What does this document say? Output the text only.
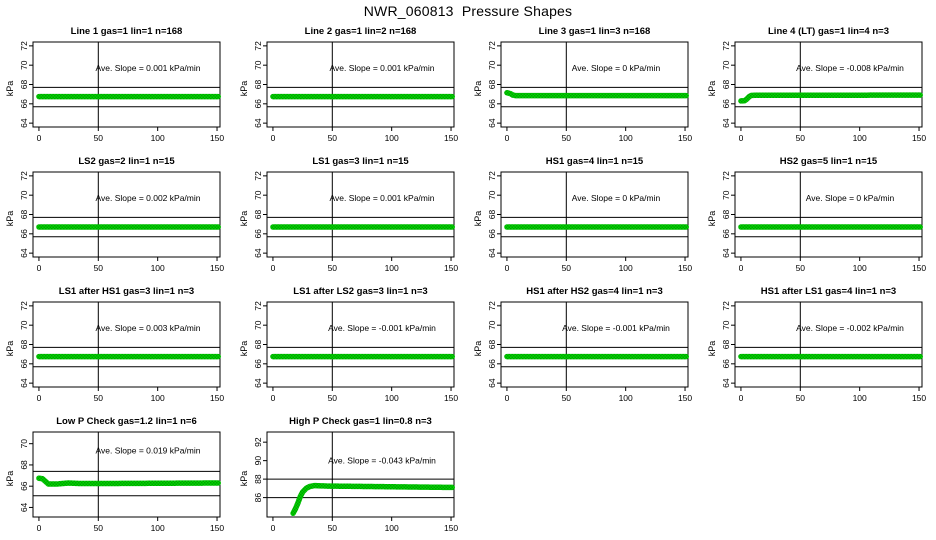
NWR_060813  Pressure Shapes
Line 1 gas=1 lin=1 n=168
64
66
68
70
72
kPa
0	50	100	150
Ave. Slope = 0.001 kPa/min
Line 2 gas=1 lin=2 n=168
64
66
68
70
72
kPa
0	50	100	150
Ave. Slope = 0.001 kPa/min
Line 3 gas=1 lin=3 n=168
64
66
68
70
72
kPa
0	50	100	150
Ave. Slope = 0 kPa/min
Line 4 (LT) gas=1 lin=4 n=3
64
66
68
70
72
kPa
0	50	100	150
Ave. Slope = -0.008 kPa/min
LS2 gas=2 lin=1 n=15
64
66
68
70
72
kPa
0	50	100	150
Ave. Slope = 0.002 kPa/min
LS1 gas=3 lin=1 n=15
64
66
68
70
72
kPa
0	50	100	150
Ave. Slope = 0.001 kPa/min
HS1 gas=4 lin=1 n=15
64
66
68
70
72
kPa
0	50	100	150
Ave. Slope = 0 kPa/min
HS2 gas=5 lin=1 n=15
64
66
68
70
72
kPa
0	50	100	150
Ave. Slope = 0 kPa/min
LS1 after HS1 gas=3 lin=1 n=3
64
66
68
70
72
kPa
0	50	100	150
Ave. Slope = 0.003 kPa/min
LS1 after LS2 gas=3 lin=1 n=3
64
66
68
70
72
kPa
0	50	100	150
Ave. Slope = -0.001 kPa/min
HS1 after HS2 gas=4 lin=1 n=3
64
66
68
70
72
kPa
0	50	100	150
Ave. Slope = -0.001 kPa/min
HS1 after LS1 gas=4 lin=1 n=3
64
66
68
70
72
kPa
0	50	100	150
Ave. Slope = -0.002 kPa/min
Low P Check gas=1.2 lin=1 n=6
64
66
68
70
kPa
0	50	100	150
Ave. Slope = 0.019 kPa/min
High P Check gas=1 lin=0.8 n=3
86
88
90
92
kPa
0	50	100	150
Ave. Slope = -0.043 kPa/min
